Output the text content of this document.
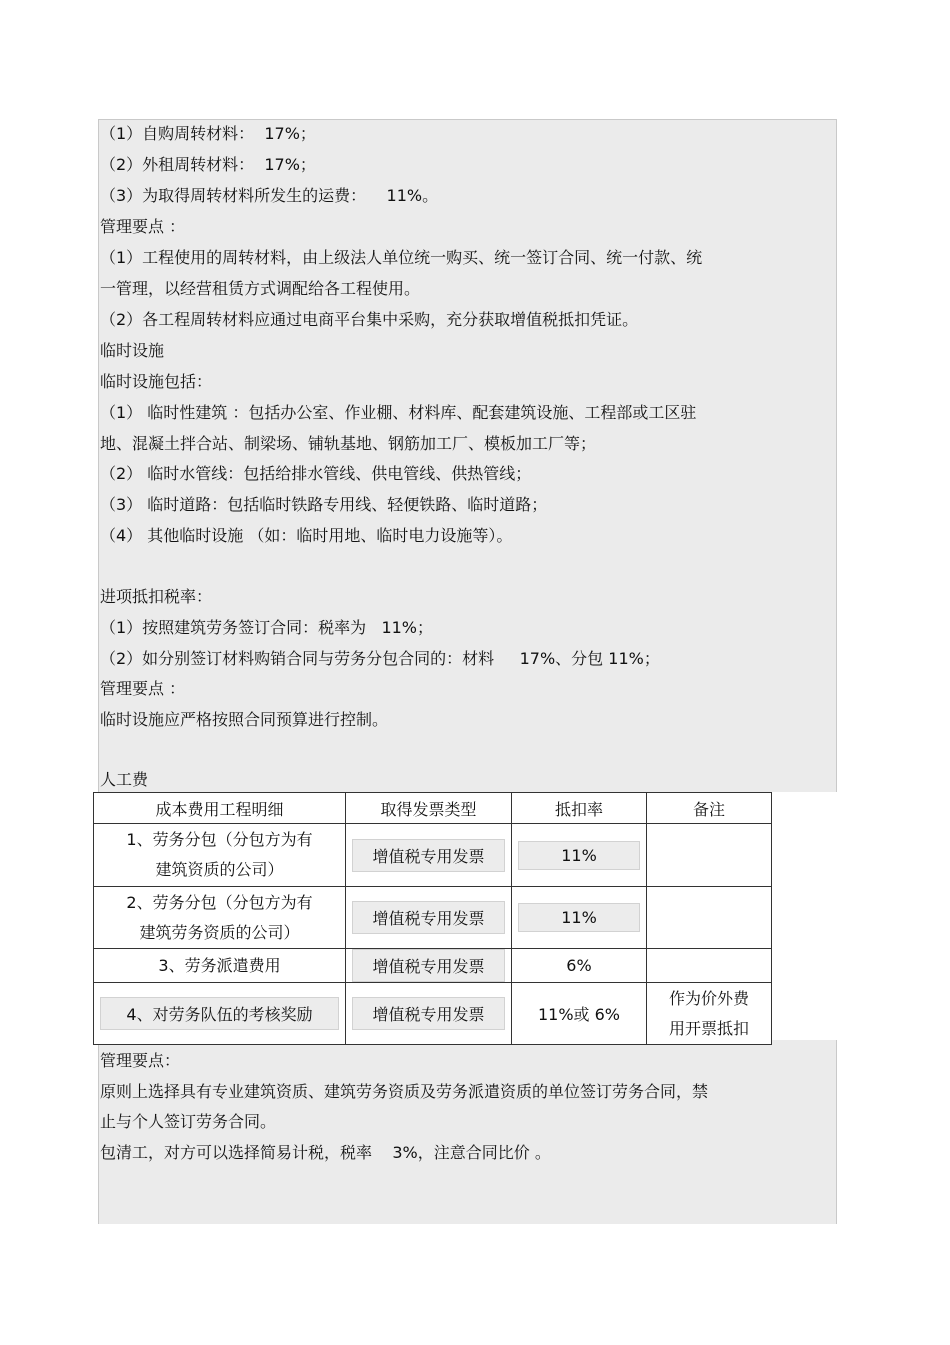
（1）自购周转材料：  17%；
（2）外租周转材料：  17%；
（3）为取得周转材料所发生的运费：    11%。
管理要点 ：
（1）工程使用的周转材料，由上级法人单位统一购买、统一签订合同、统一付款、统
一管理，以经营租赁方式调配给各工程使用。
（2）各工程周转材料应通过电商平台集中采购，充分获取增值税抵扣凭证。
临时设施
临时设施包括：
（1） 临时性建筑 ：包括办公室、作业棚、材料库、配套建筑设施、工程部或工区驻
地、混凝土拌合站、制梁场、铺轨基地、钢筋加工厂、模板加工厂等；
（2） 临时水管线：包括给排水管线、供电管线、供热管线；
（3） 临时道路：包括临时铁路专用线、轻便铁路、临时道路；
（4） 其他临时设施 （如：临时用地、临时电力设施等）。
进项抵扣税率：
（1）按照建筑劳务签订合同：税率为   11%；
（2）如分别签订材料购销合同与劳务分包合同的：材料     17%、分包 11%；
管理要点 ：
临时设施应严格按照合同预算进行控制。
人工费
成本费用工程明细	取得发票类型	抵扣率	备注

1、劳务分包（分包方为有
建筑资质的公司）	增值税专用发票	11%	

2、劳务分包（分包方为有
建筑劳务资质的公司）	增值税专用发票	11%	

3、劳务派遣费用	增值税专用发票	6%	

4、对劳务队伍的考核奖励	增值税专用发票	11%或 6%	作为价外费
用开票抵扣
管理要点：
原则上选择具有专业建筑资质、建筑劳务资质及劳务派遣资质的单位签订劳务合同，禁
止与个人签订劳务合同。
包清工，对方可以选择简易计税，税率    3%，注意合同比价 。
